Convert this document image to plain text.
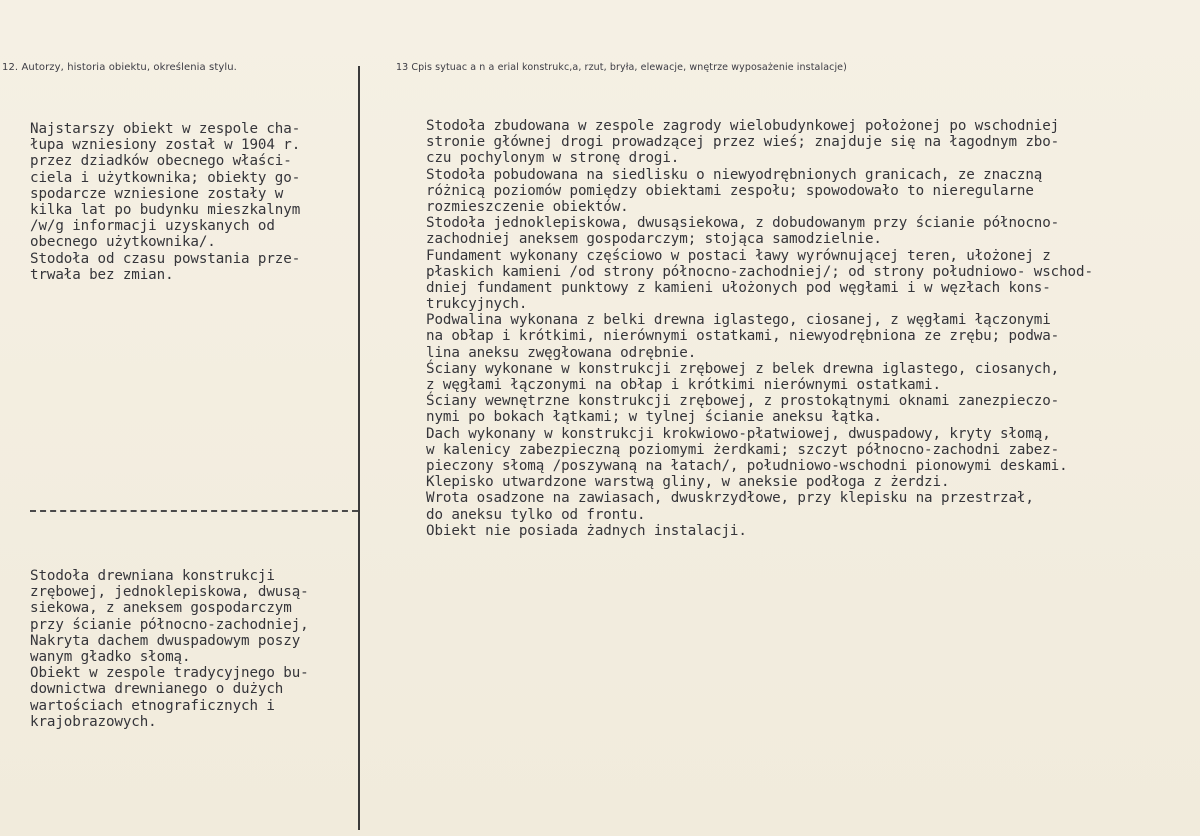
12. Autorzy, historia obiektu, określenia stylu.	13 Cpis sytuac a n a erial konstrukc,a, rzut, bryła, elewacje, wnętrze wyposażenie instalacje)
Najstarszy obiekt w zespole cha-
łupa wzniesiony został w 1904 r.
przez dziadków obecnego właści-
ciela i użytkownika; obiekty go-
spodarcze wzniesione zostały w
kilka lat po budynku mieszkalnym
/w/g informacji uzyskanych od
obecnego użytkownika/.
Stodoła od czasu powstania prze-
trwała bez zmian.
Stodoła drewniana konstrukcji
zrębowej, jednoklepiskowa, dwusą-
siekowa, z aneksem gospodarczym
przy ścianie północno-zachodniej,
Nakryta dachem dwuspadowym poszy
wanym gładko słomą.
Obiekt w zespole tradycyjnego bu-
downictwa drewnianego o dużych
wartościach etnograficznych i
krajobrazowych.
Stodoła zbudowana w zespole zagrody wielobudynkowej położonej po wschodniej
stronie głównej drogi prowadzącej przez wieś; znajduje się na łagodnym zbo-
czu pochylonym w stronę drogi.
Stodoła pobudowana na siedlisku o niewyodrębnionych granicach, ze znaczną
różnicą poziomów pomiędzy obiektami zespołu; spowodowało to nieregularne
rozmieszczenie obiektów.
Stodoła jednoklepiskowa, dwusąsiekowa, z dobudowanym przy ścianie północno-
zachodniej aneksem gospodarczym; stojąca samodzielnie.
Fundament wykonany częściowo w postaci ławy wyrównującej teren, ułożonej z
płaskich kamieni /od strony północno-zachodniej/; od strony południowo- wschod-
dniej fundament punktowy z kamieni ułożonych pod węgłami i w węzłach kons-
trukcyjnych.
Podwalina wykonana z belki drewna iglastego, ciosanej, z węgłami łączonymi
na obłap i krótkimi, nierównymi ostatkami, niewyodrębniona ze zrębu; podwa-
lina aneksu zwęgłowana odrębnie.
Ściany wykonane w konstrukcji zrębowej z belek drewna iglastego, ciosanych,
z węgłami łączonymi na obłap i krótkimi nierównymi ostatkami.
Ściany wewnętrzne konstrukcji zrębowej, z prostokątnymi oknami zanezpieczo-
nymi po bokach łątkami; w tylnej ścianie aneksu łątka.
Dach wykonany w konstrukcji krokwiowo-płatwiowej, dwuspadowy, kryty słomą,
w kalenicy zabezpieczną poziomymi żerdkami; szczyt północno-zachodni zabez-
pieczony słomą /poszywaną na łatach/, południowo-wschodni pionowymi deskami.
Klepisko utwardzone warstwą gliny, w aneksie podłoga z żerdzi.
Wrota osadzone na zawiasach, dwuskrzydłowe, przy klepisku na przestrzał,
do aneksu tylko od frontu.
Obiekt nie posiada żadnych instalacji.
